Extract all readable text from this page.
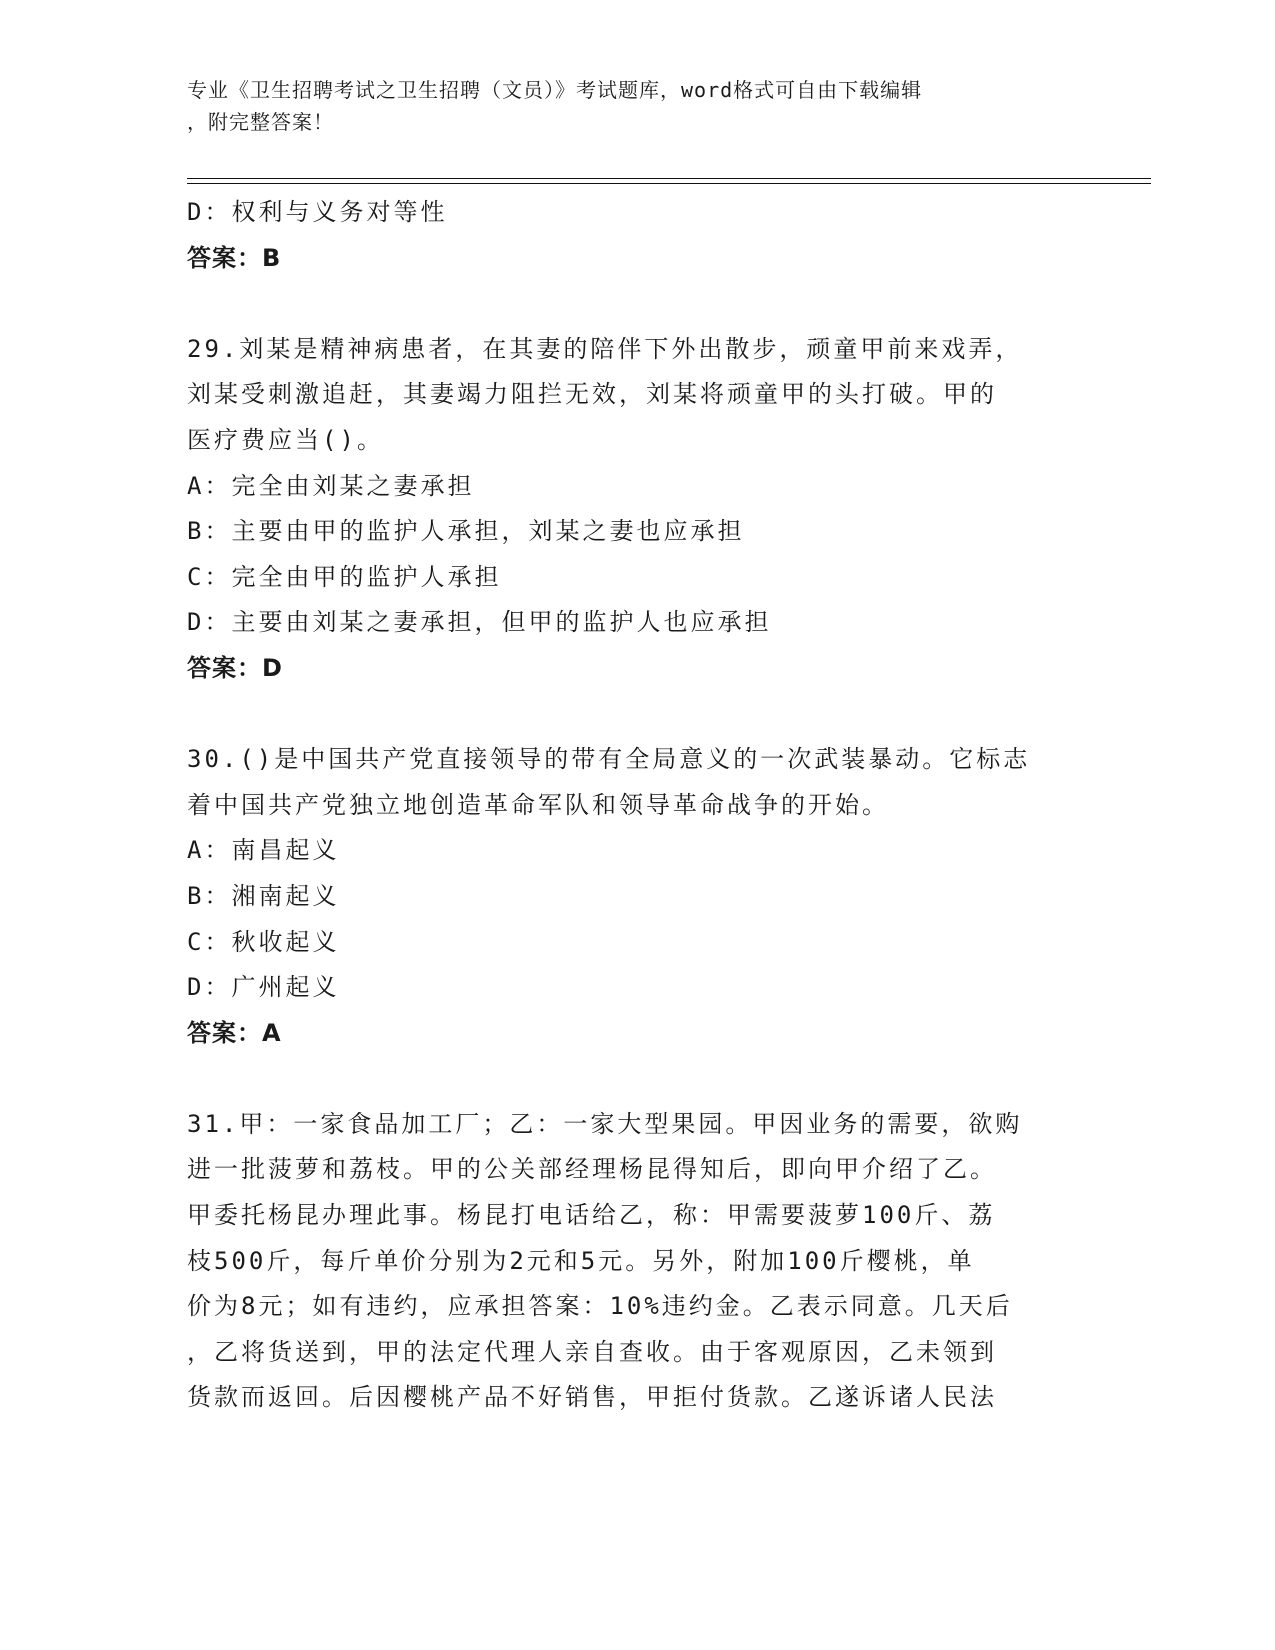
专业《卫生招聘考试之卫生招聘（文员）》考试题库，word格式可自由下载编辑
，附完整答案！
D：权利与义务对等性
答案：B
29.刘某是精神病患者，在其妻的陪伴下外出散步，顽童甲前来戏弄，
刘某受刺激追赶，其妻竭力阻拦无效，刘某将顽童甲的头打破。甲的
医疗费应当()。
A：完全由刘某之妻承担
B：主要由甲的监护人承担，刘某之妻也应承担
C：完全由甲的监护人承担
D：主要由刘某之妻承担，但甲的监护人也应承担
答案：D
30.()是中国共产党直接领导的带有全局意义的一次武装暴动。它标志
着中国共产党独立地创造革命军队和领导革命战争的开始。
A：南昌起义
B：湘南起义
C：秋收起义
D：广州起义
答案：A
31.甲：一家食品加工厂；乙：一家大型果园。甲因业务的需要，欲购
进一批菠萝和荔枝。甲的公关部经理杨昆得知后，即向甲介绍了乙。
甲委托杨昆办理此事。杨昆打电话给乙，称：甲需要菠萝100斤、荔
枝500斤，每斤单价分别为2元和5元。另外，附加100斤樱桃，单
价为8元；如有违约，应承担答案：10%违约金。乙表示同意。几天后
，乙将货送到，甲的法定代理人亲自查收。由于客观原因，乙未领到
货款而返回。后因樱桃产品不好销售，甲拒付货款。乙遂诉诸人民法
